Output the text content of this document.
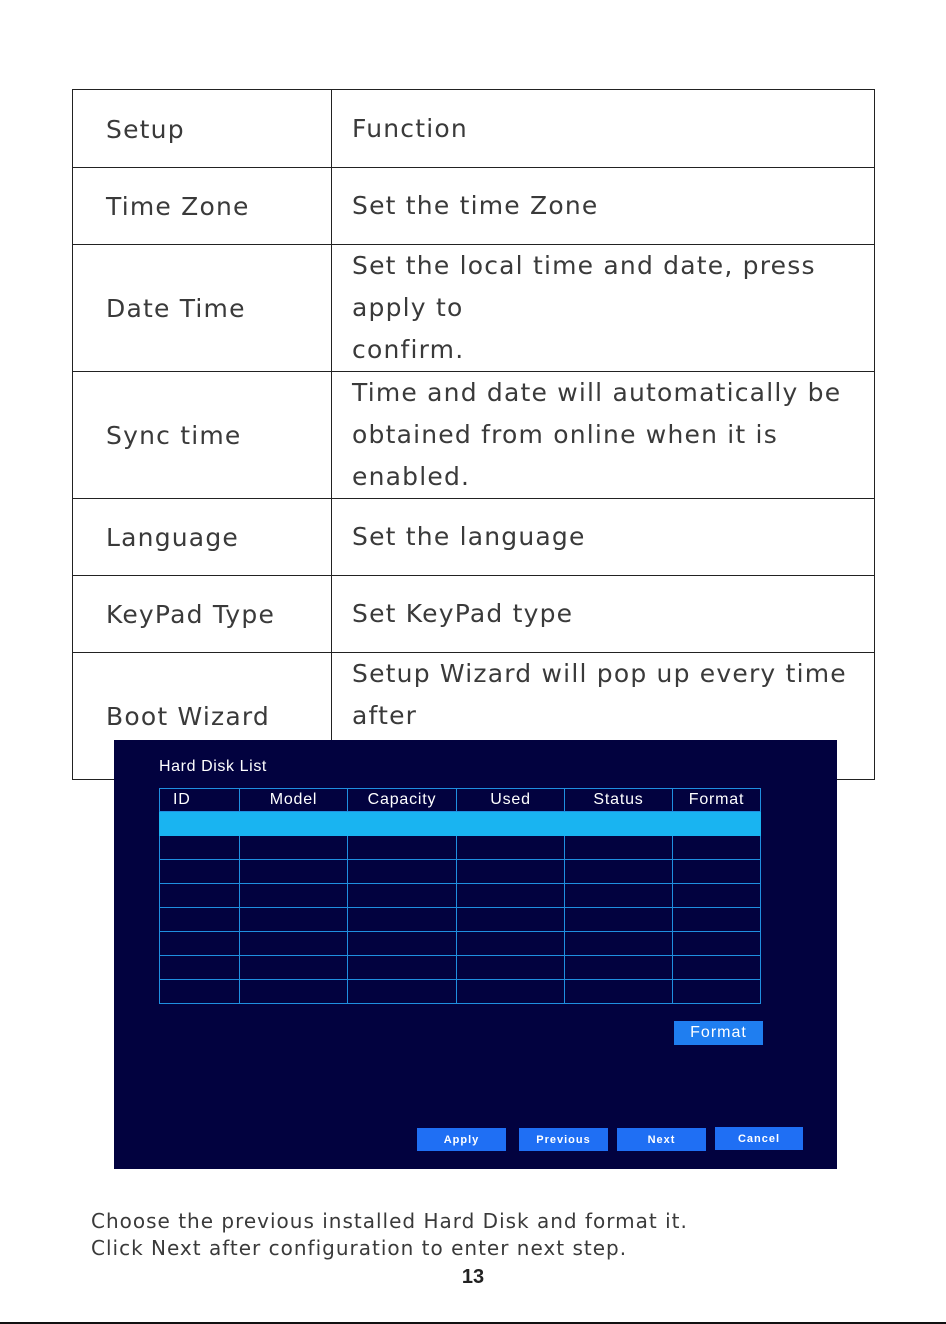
Setup	Function
Time Zone	Set the time Zone
Date Time	Set the local time and date, press apply to
confirm.
Sync time	Time and date will automatically be
obtained from online when it is enabled.
Language	Set the language
KeyPad Type	Set KeyPad type
Boot Wizard	Setup Wizard will pop up every time after

Hard Disk List
ID	Model	Capacity	Used	Status	Format

Format
Apply	Previous	Next	Cancel
Choose the previous installed Hard Disk and format it.
Click Next after configuration to enter next step.
13
